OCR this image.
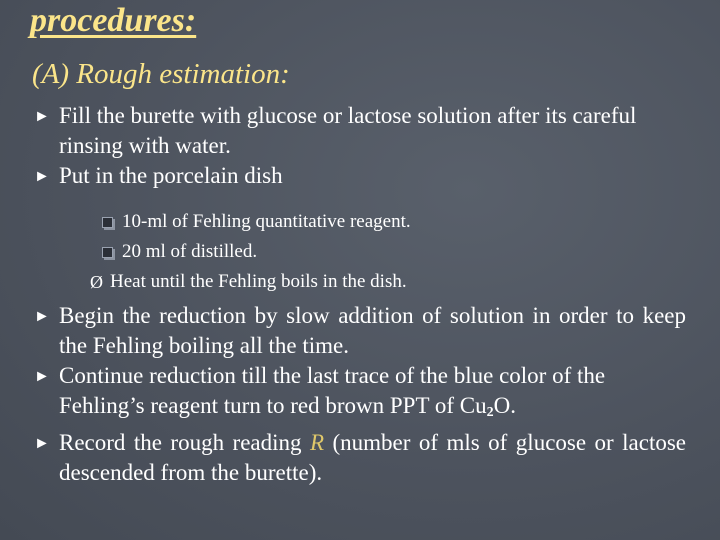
procedures:
(A) Rough estimation:
► Fill the burette with glucose or lactose solution after its careful rinsing with water.
► Put in the porcelain dish
10-ml of Fehling quantitative reagent.
20 ml of distilled.
Ø Heat until the Fehling boils in the dish.
► Begin the reduction by slow addition of solution in order to keep the Fehling boiling all the time.
► Continue reduction till the last trace of the blue color of the Fehling’s reagent turn to red brown PPT of $Cu_2O$.
► Record the rough reading R (number of mls of glucose or lactose descended from the burette).
